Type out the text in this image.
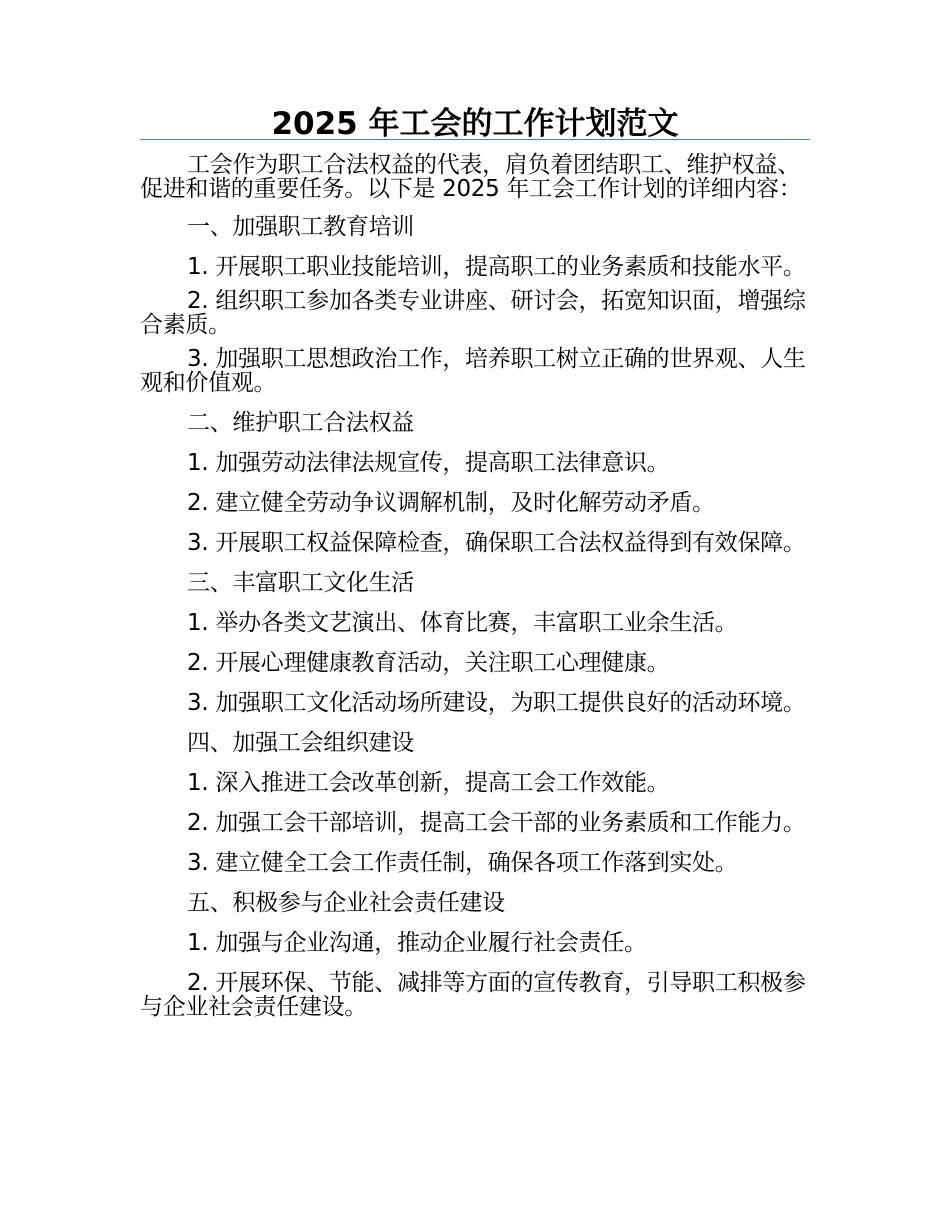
2025 年工会的工作计划范文

工会作为职工合法权益的代表，肩负着团结职工、维护权益、促进和谐的重要任务。以下是 2025 年工会工作计划的详细内容：

一、加强职工教育培训

1. 开展职工职业技能培训，提高职工的业务素质和技能水平。

2. 组织职工参加各类专业讲座、研讨会，拓宽知识面，增强综合素质。

3. 加强职工思想政治工作，培养职工树立正确的世界观、人生观和价值观。

二、维护职工合法权益

1. 加强劳动法律法规宣传，提高职工法律意识。

2. 建立健全劳动争议调解机制，及时化解劳动矛盾。

3. 开展职工权益保障检查，确保职工合法权益得到有效保障。

三、丰富职工文化生活

1. 举办各类文艺演出、体育比赛，丰富职工业余生活。

2. 开展心理健康教育活动，关注职工心理健康。

3. 加强职工文化活动场所建设，为职工提供良好的活动环境。

四、加强工会组织建设

1. 深入推进工会改革创新，提高工会工作效能。

2. 加强工会干部培训，提高工会干部的业务素质和工作能力。

3. 建立健全工会工作责任制，确保各项工作落到实处。

五、积极参与企业社会责任建设

1. 加强与企业沟通，推动企业履行社会责任。

2. 开展环保、节能、减排等方面的宣传教育，引导职工积极参与企业社会责任建设。
